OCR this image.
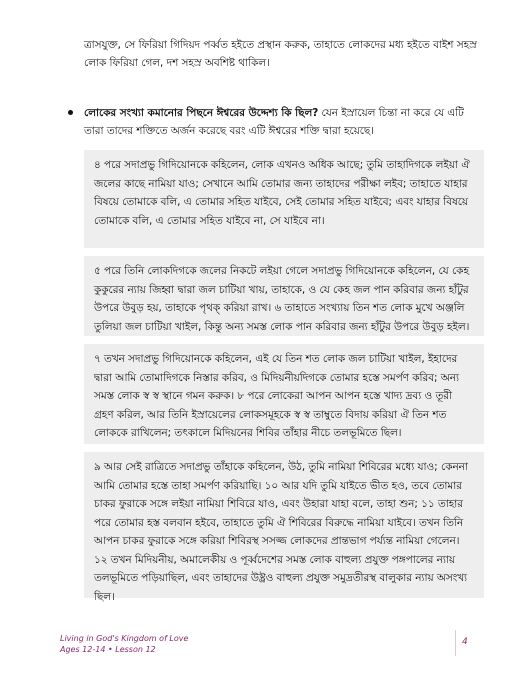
ত্রাসযুক্ত, সে ফিরিয়া গিদিয়দ পর্ব্বত হইতে প্রস্থান করুক, তাহাতে লোকদের মধ্য হইতে বাইশ সহস্র লোক ফিরিয়া গেল, দশ সহস্র অবশিষ্ট থাকিল।
লোকের সংখ্যা কমানোর পিছনে ঈশ্বরের উদ্দেশ্য কি ছিল? যেন ইস্রায়েল চিন্তা না করে যে এটি তারা তাদের শক্তিতে অর্জন করেছে বরং এটি ঈশ্বরের শক্তি দ্বারা হয়েছে।
৪ পরে সদাপ্রভু গিদিয়োনকে কহিলেন, লোক এখনও অধিক আছে; তুমি তাহাদিগকে লইয়া ঐ জলের কাছে নামিয়া যাও; সেখানে আমি তোমার জন্য তাহাদের পরীক্ষা লইব; তাহাতে যাহার বিষয়ে তোমাকে বলি, এ তোমার সহিত যাইবে, সেই তোমার সহিত যাইবে; এবং যাহার বিষয়ে তোমাকে বলি, এ তোমার সহিত যাইবে না, সে যাইবে না।
৫ পরে তিনি লোকদিগকে জলের নিকটে লইয়া গেলে সদাপ্রভু গিদিয়োনকে কহিলেন, যে কেহ কুকুরের ন্যায় জিহ্বা দ্বারা জল চাটিয়া খায়, তাহাকে, ও যে কেহ জল পান করিবার জন্য হাঁটুর উপরে উবুড় হয়, তাহাকে পৃথক্ করিয়া রাখ। ৬ তাহাতে সংখ্যায় তিন শত লোক মুখে অঞ্জলি তুলিয়া জল চাটিয়া খাইল, কিন্তু অন্য সমস্ত লোক পান করিবার জন্য হাঁটুর উপরে উবুড় হইল।
৭ তখন সদাপ্রভু গিদিয়োনকে কহিলেন, এই যে তিন শত লোক জল চাটিয়া খাইল, ইহাদের দ্বারা আমি তোমাদিগকে নিস্তার করিব, ও মিদিয়নীয়দিগকে তোমার হস্তে সমর্পণ করিব; অন্য সমস্ত লোক স্ব স্ব স্থানে গমন করুক। ৮ পরে লোকেরা আপন আপন হস্তে খাদ্য দ্রব্য ও তূরী গ্রহণ করিল, আর তিনি ইস্রায়েলের লোকসমূহকে স্ব স্ব তাম্বুতে বিদায় করিয়া ঐ তিন শত লোককে রাখিলেন; তৎকালে মিদিয়নের শিবির তাঁহার নীচে তলভূমিতে ছিল।
৯ আর সেই রাত্রিতে সদাপ্রভু তাঁহাকে কহিলেন, উঠ, তুমি নামিয়া শিবিরের মধ্যে যাও; কেননা আমি তোমার হস্তে তাহা সমর্পণ করিয়াছি। ১০ আর যদি তুমি যাইতে ভীত হও, তবে তোমার চাকর ফুরাকে সঙ্গে লইয়া নামিয়া শিবিরে যাও, এবং উহারা যাহা বলে, তাহা শুন; ১১ তাহার পরে তোমার হস্ত বলবান হইবে, তাহাতে তুমি ঐ শিবিরের বিরুদ্ধে নামিয়া যাইবে। তখন তিনি আপন চাকর ফুরাকে সঙ্গে করিয়া শিবিরস্থ সসজ্জ লোকদের প্রান্তভাগ পর্য্যন্ত নামিয়া গেলেন। ১২ তখন মিদিয়নীয়, অমালেকীয় ও পূর্ব্বদেশের সমস্ত লোক বাহুল্য প্রযুক্ত পঙ্গপালের ন্যায় তলভূমিতে পড়িয়াছিল, এবং তাহাদের উষ্ট্রও বাহুল্য প্রযুক্ত সমুদ্রতীরস্থ বালুকার ন্যায় অসংখ্য ছিল।
Living in God's Kingdom of Love
Ages 12-14 • Lesson 12
4
